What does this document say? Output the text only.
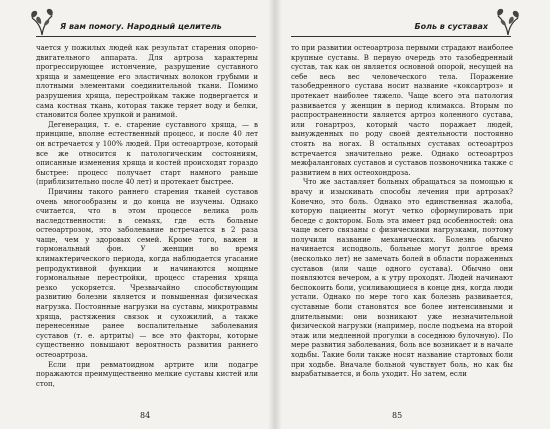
Я вам помогу. Народный целитель

чается у пожилых людей как результат старения опорно-двигательного аппарата. Для артроза характерны прогрессирующее истончение, разрушение суставного хряща и замещение его эластичных волокон грубыми и плотными элементами соединительной ткани. Помимо разрушения хряща, перестройкам также подвергается и сама костная ткань, которая также теряет воду и белки, становится более хрупкой и ранимой.

Дегенерация, т. е. старение суставного хряща, — в принципе, вполне естественный процесс, и после 40 лет он встречается у 100% людей. При остеоартрозе, который все же относится к патологическим состояниям, описанные изменения хряща и костей происходят гораздо быстрее: процесс получает старт намного раньше (приблизительно после 40 лет) и протекает быстрее.

Причины такого раннего старения тканей суставов очень многообразны и до конца не изучены. Однако считается, что в этом процессе велика роль наследственности: в семьях, где есть больные остеоартрозом, это заболевание встречается в 2 раза чаще, чем у здоровых семей. Кроме того, важен и гормональный фон. У женщин во время климактерического периода, когда наблюдается угасание репродуктивной функции и начинаются мощные гормональные перестройки, процесс старения хряща резко ускоряется. Чрезвычайно способствующим развитию болезни является и повышенная физическая нагрузка. Постоянные нагрузки на суставы, микротравмы хряща, растяжения связок и сухожилий, а также перенесенные ранее воспалительные заболевания суставов (т. е. артриты) — все это факторы, которые существенно повышают вероятность развития раннего остеоартроза.

Если при ревматоидном артрите или подагре поражаются преимущественно мелкие суставы кистей или стоп,

84
Боль в суставах

то при развитии остеоартроза первыми страдают наиболее крупные суставы. В первую очередь это тазобедренный сустав, так как он является основной опорой, несущей на себе весь вес человеческого тела. Поражение тазобедренного сустава носит название «коксартроз» и протекает наиболее тяжело. Чаще всего эта патология развивается у женщин в период климакса. Вторым по распространенности является артроз коленного сустава, или гонартроз, который часто поражает людей, вынужденных по роду своей деятельности постоянно стоять на ногах. В остальных суставах остеоартроз встречается значительно реже. Однако остеоартроз межфаланговых суставов и суставов позвоночника также с развитием в них остеохондроза.

Что же заставляет больных обращаться за помощью к врачу и изыскивать способы лечения при артрозах? Конечно, это боль. Однако это единственная жалоба, которую пациенты могут четко сформулировать при беседе с доктором. Боль эта имеет ряд особенностей: она чаще всего связаны с физическими нагрузками, поэтому получили название механических. Болезнь обычно начинается исподволь, больные могут долгое время (несколько лет) не замечать болей в области пораженных суставов (или чаще одного сустава). Обычно они появляются вечером, а к утру проходят. Людей начинают беспокоить боли, усиливающиеся в конце дня, когда люди устали. Однако по мере того как болезнь развивается, суставные боли становятся все более интенсивными и длительными: они возникают уже незначительной физической нагрузки (например, после подъема на второй этаж или медленной прогулки в соседнюю булочную). По мере развития заболевания, боль все возникает и в начале ходьбы. Такие боли также носят название стартовых боли при ходьбе. Вначале больной чувствует боль, но как бы вырабатывается, и боль уходит. Но затем, если

85
